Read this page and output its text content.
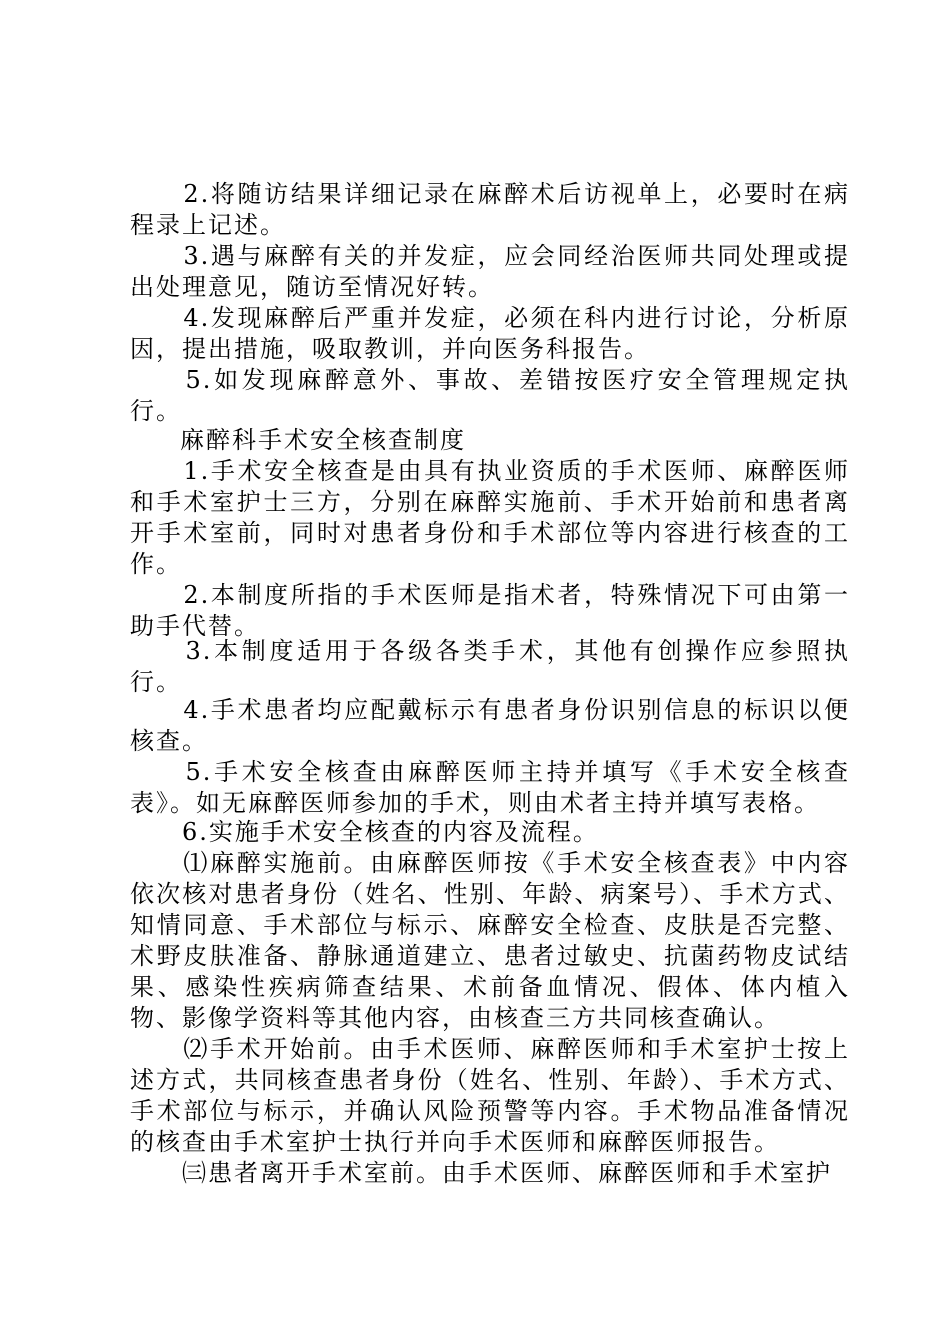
　　2.将随访结果详细记录在麻醉术后访视单上，必要时在病程录上记述。

　　3.遇与麻醉有关的并发症，应会同经治医师共同处理或提出处理意见，随访至情况好转。

　　4.发现麻醉后严重并发症，必须在科内进行讨论，分析原因，提出措施，吸取教训，并向医务科报告。

　　5.如发现麻醉意外、事故、差错按医疗安全管理规定执行。

麻醉科手术安全核查制度

　　1.手术安全核查是由具有执业资质的手术医师、麻醉医师和手术室护士三方，分别在麻醉实施前、手术开始前和患者离开手术室前，同时对患者身份和手术部位等内容进行核查的工作。

　　2.本制度所指的手术医师是指术者，特殊情况下可由第一助手代替。

　　3.本制度适用于各级各类手术，其他有创操作应参照执行。

　　4.手术患者均应配戴标示有患者身份识别信息的标识以便核查。

　　5.手术安全核查由麻醉医师主持并填写《手术安全核查表》。如无麻醉医师参加的手术，则由术者主持并填写表格。

　　6.实施手术安全核查的内容及流程。

　　⑴麻醉实施前。由麻醉医师按《手术安全核查表》中内容依次核对患者身份（姓名、性别、年龄、病案号）、手术方式、知情同意、手术部位与标示、麻醉安全检查、皮肤是否完整、术野皮肤准备、静脉通道建立、患者过敏史、抗菌药物皮试结果、感染性疾病筛查结果、术前备血情况、假体、体内植入物、影像学资料等其他内容，由核查三方共同核查确认。

　　⑵手术开始前。由手术医师、麻醉医师和手术室护士按上述方式，共同核查患者身份（姓名、性别、年龄）、手术方式、手术部位与标示，并确认风险预警等内容。手术物品准备情况的核查由手术室护士执行并向手术医师和麻醉医师报告。

　　㈢患者离开手术室前。由手术医师、麻醉医师和手术室护
